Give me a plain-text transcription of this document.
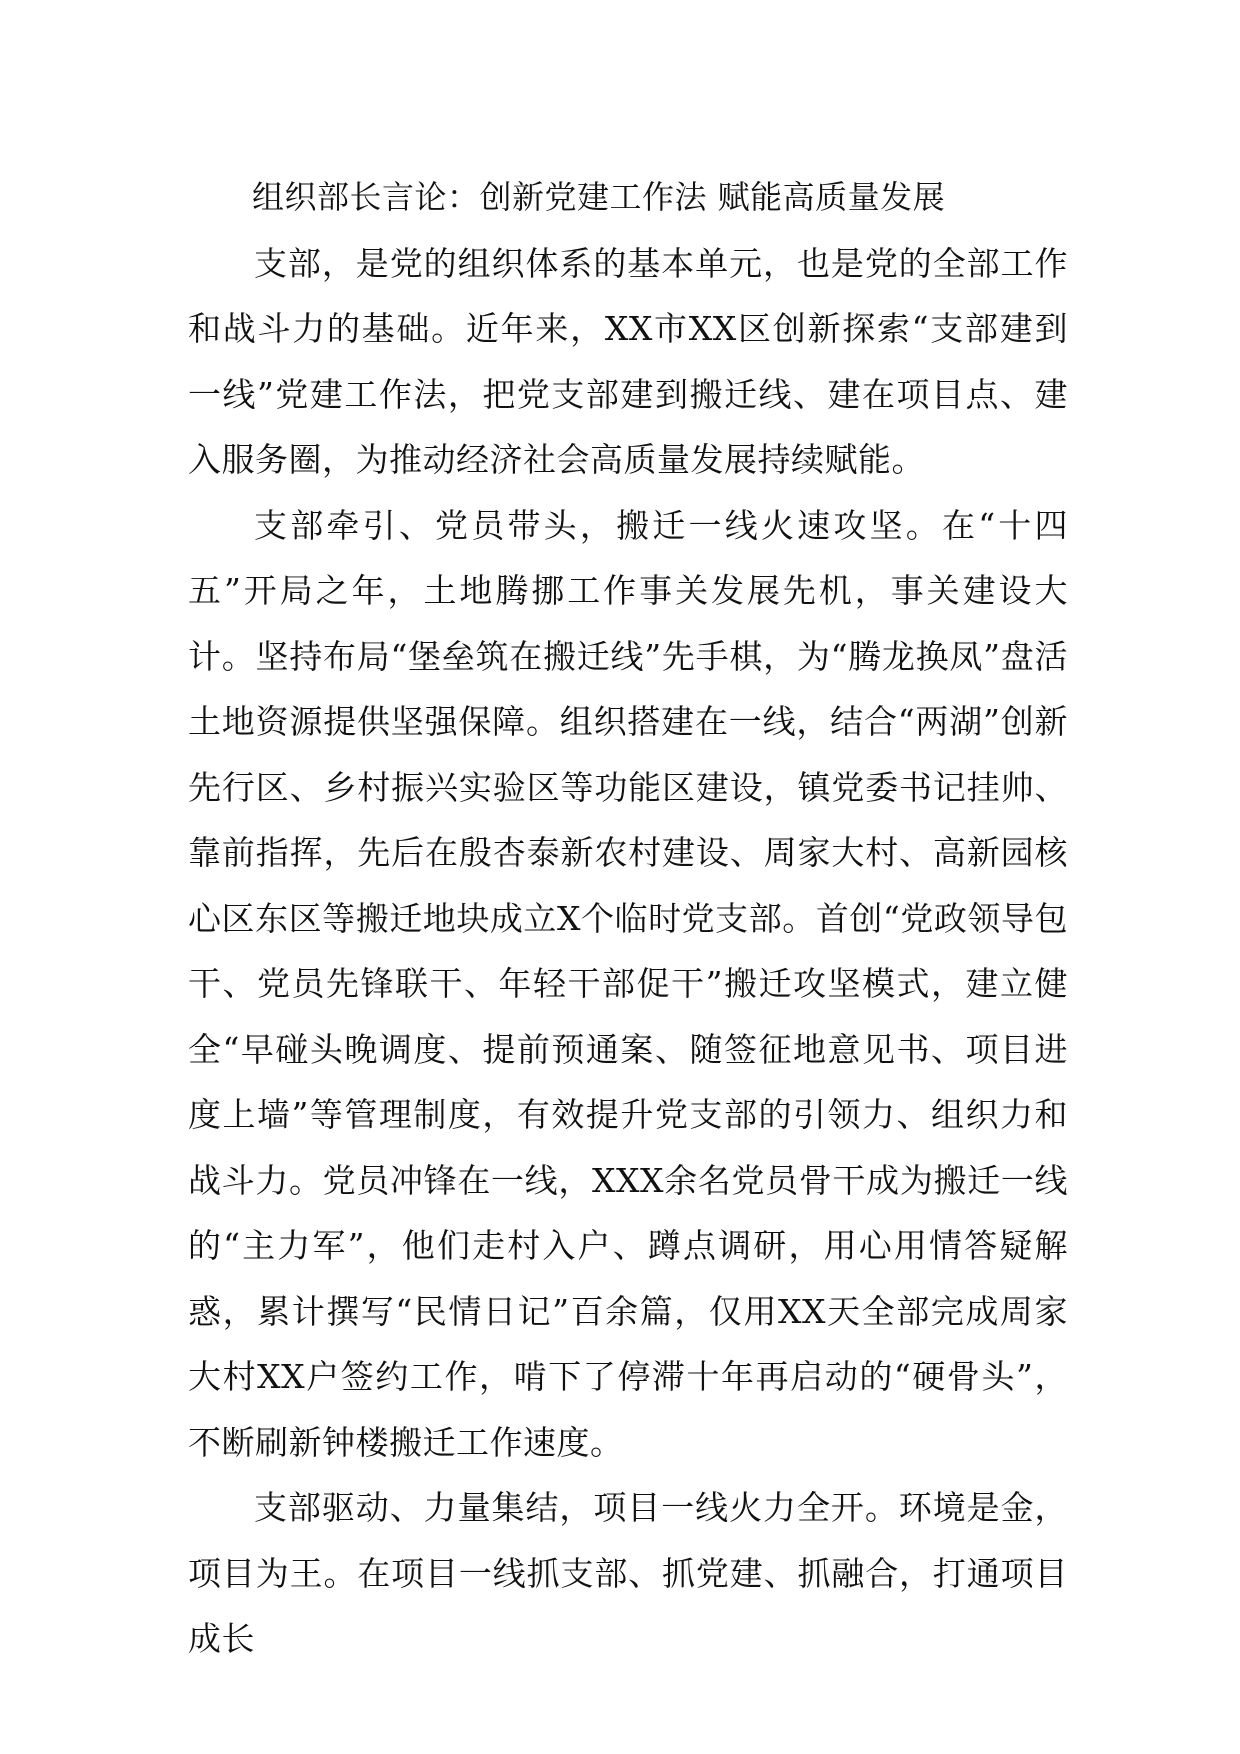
组织部长言论：创新党建工作法 赋能高质量发展

支部，是党的组织体系的基本单元，也是党的全部工作和战斗力的基础。近年来，XX市XX区创新探索“支部建到一线”党建工作法，把党支部建到搬迁线、建在项目点、建入服务圈，为推动经济社会高质量发展持续赋能。

支部牵引、党员带头，搬迁一线火速攻坚。在“十四五”开局之年，土地腾挪工作事关发展先机，事关建设大计。坚持布局“堡垒筑在搬迁线”先手棋，为“腾龙换凤”盘活土地资源提供坚强保障。组织搭建在一线，结合“两湖”创新先行区、乡村振兴实验区等功能区建设，镇党委书记挂帅、靠前指挥，先后在殷杏泰新农村建设、周家大村、高新园核心区东区等搬迁地块成立X个临时党支部。首创“党政领导包干、党员先锋联干、年轻干部促干”搬迁攻坚模式，建立健全“早碰头晚调度、提前预通案、随签征地意见书、项目进度上墙”等管理制度，有效提升党支部的引领力、组织力和战斗力。党员冲锋在一线，XXX余名党员骨干成为搬迁一线的“主力军”，他们走村入户、蹲点调研，用心用情答疑解惑，累计撰写“民情日记”百余篇，仅用XX天全部完成周家大村XX户签约工作，啃下了停滞十年再启动的“硬骨头”，不断刷新钟楼搬迁工作速度。

支部驱动、力量集结，项目一线火力全开。环境是金，项目为王。在项目一线抓支部、抓党建、抓融合，打通项目成长
